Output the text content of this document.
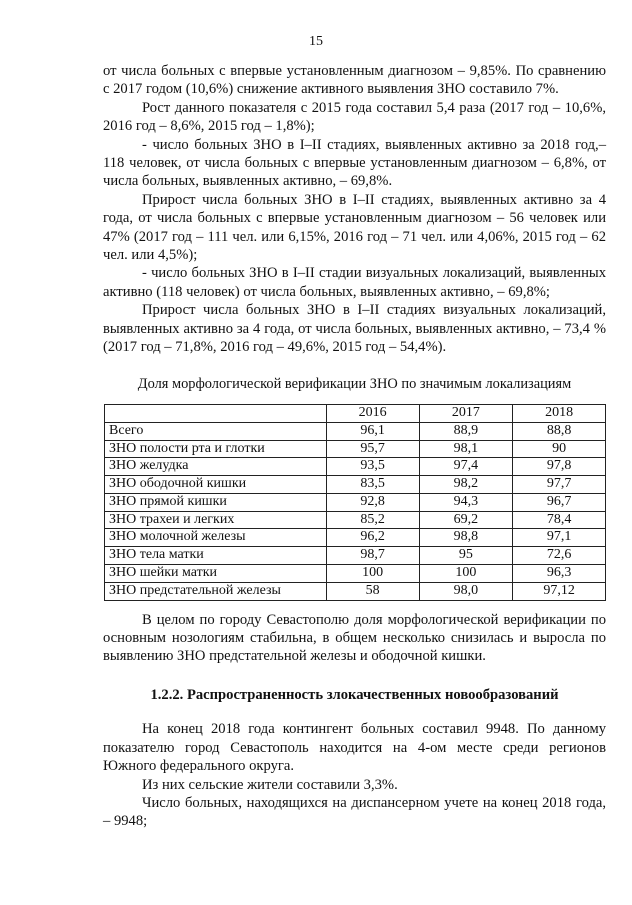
15

от числа больных с впервые установленным диагнозом – 9,85%. По сравнению с 2017 годом (10,6%) снижение активного выявления ЗНО составило 7%.

Рост данного показателя с 2015 года составил 5,4 раза (2017 год – 10,6%, 2016 год – 8,6%, 2015 год – 1,8%);

- число больных ЗНО в I–II стадиях, выявленных активно за 2018 год,– 118 человек, от числа больных с впервые установленным диагнозом – 6,8%, от числа больных, выявленных активно, – 69,8%.

Прирост числа больных ЗНО в I–II стадиях, выявленных активно за 4 года, от числа больных с впервые установленным диагнозом – 56 человек или 47% (2017 год – 111 чел. или 6,15%, 2016 год – 71 чел. или 4,06%, 2015 год – 62 чел. или 4,5%);

- число больных ЗНО в I–II стадии визуальных локализаций, выявленных активно (118 человек) от числа больных, выявленных активно, – 69,8%;

Прирост числа больных ЗНО в I–II стадиях визуальных локализаций, выявленных активно за 4 года, от числа больных, выявленных активно, – 73,4 % (2017 год – 71,8%, 2016 год – 49,6%, 2015 год – 54,4%).

Доля морфологической верификации ЗНО по значимым локализациям
	2016	2017	2018
Всего	96,1	88,9	88,8
ЗНО полости рта и глотки	95,7	98,1	90
ЗНО желудка	93,5	97,4	97,8
ЗНО ободочной кишки	83,5	98,2	97,7
ЗНО прямой кишки	92,8	94,3	96,7
ЗНО трахеи и легких	85,2	69,2	78,4
ЗНО молочной железы	96,2	98,8	97,1
ЗНО тела матки	98,7	95	72,6
ЗНО шейки матки	100	100	96,3
ЗНО предстательной железы	58	98,0	97,12

В целом по городу Севастополю доля морфологической верификации по основным нозологиям стабильна, в общем несколько снизилась и выросла по выявлению ЗНО предстательной железы и ободочной кишки.

1.2.2. Распространенность злокачественных новообразований

На конец 2018 года контингент больных составил 9948. По данному показателю город Севастополь находится на 4-ом месте среди регионов Южного федерального округа.

Из них сельские жители составили 3,3%.

Число больных, находящихся на диспансерном учете на конец 2018 года, – 9948;
